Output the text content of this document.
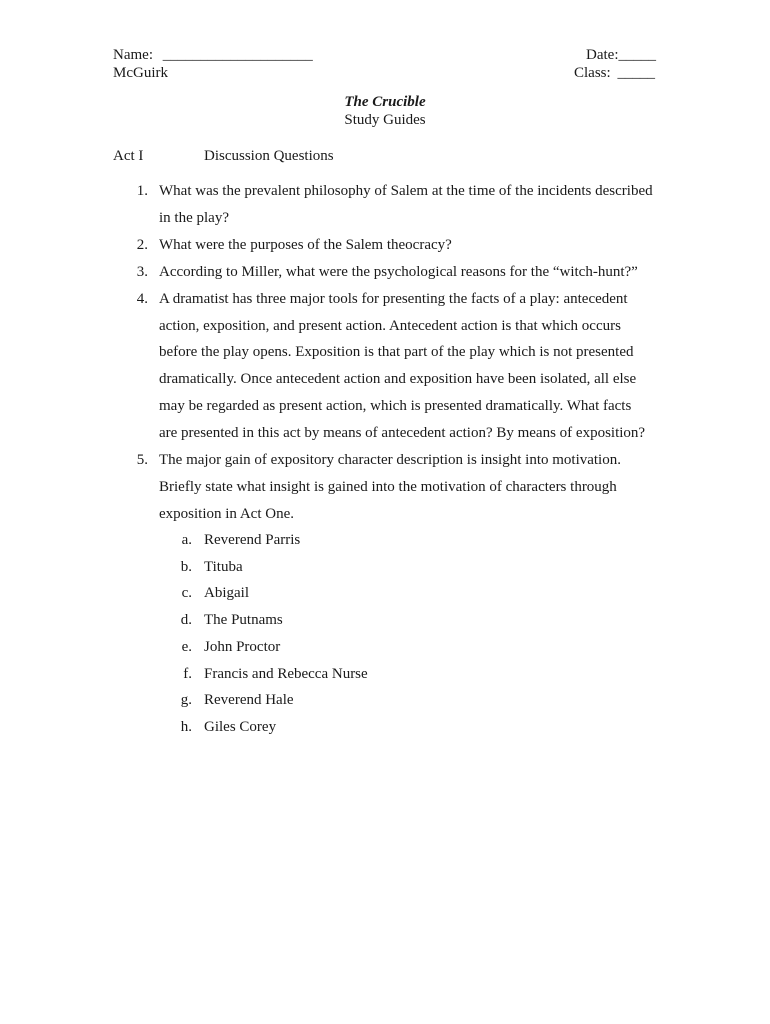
Name: ____________________
McGuirk
Date:_____
Class: _____
The Crucible
Study Guides
Act I	Discussion Questions
1. What was the prevalent philosophy of Salem at the time of the incidents described
in the play?
2. What were the purposes of the Salem theocracy?
3. According to Miller, what were the psychological reasons for the “witch-hunt?”
4. A dramatist has three major tools for presenting the facts of a play: antecedent
action, exposition, and present action. Antecedent action is that which occurs
before the play opens. Exposition is that part of the play which is not presented
dramatically. Once antecedent action and exposition have been isolated, all else
may be regarded as present action, which is presented dramatically. What facts
are presented in this act by means of antecedent action? By means of exposition?
5. The major gain of expository character description is insight into motivation.
Briefly state what insight is gained into the motivation of characters through
exposition in Act One.
a. Reverend Parris
b. Tituba
c. Abigail
d. The Putnams
e. John Proctor
f. Francis and Rebecca Nurse
g. Reverend Hale
h. Giles Corey
